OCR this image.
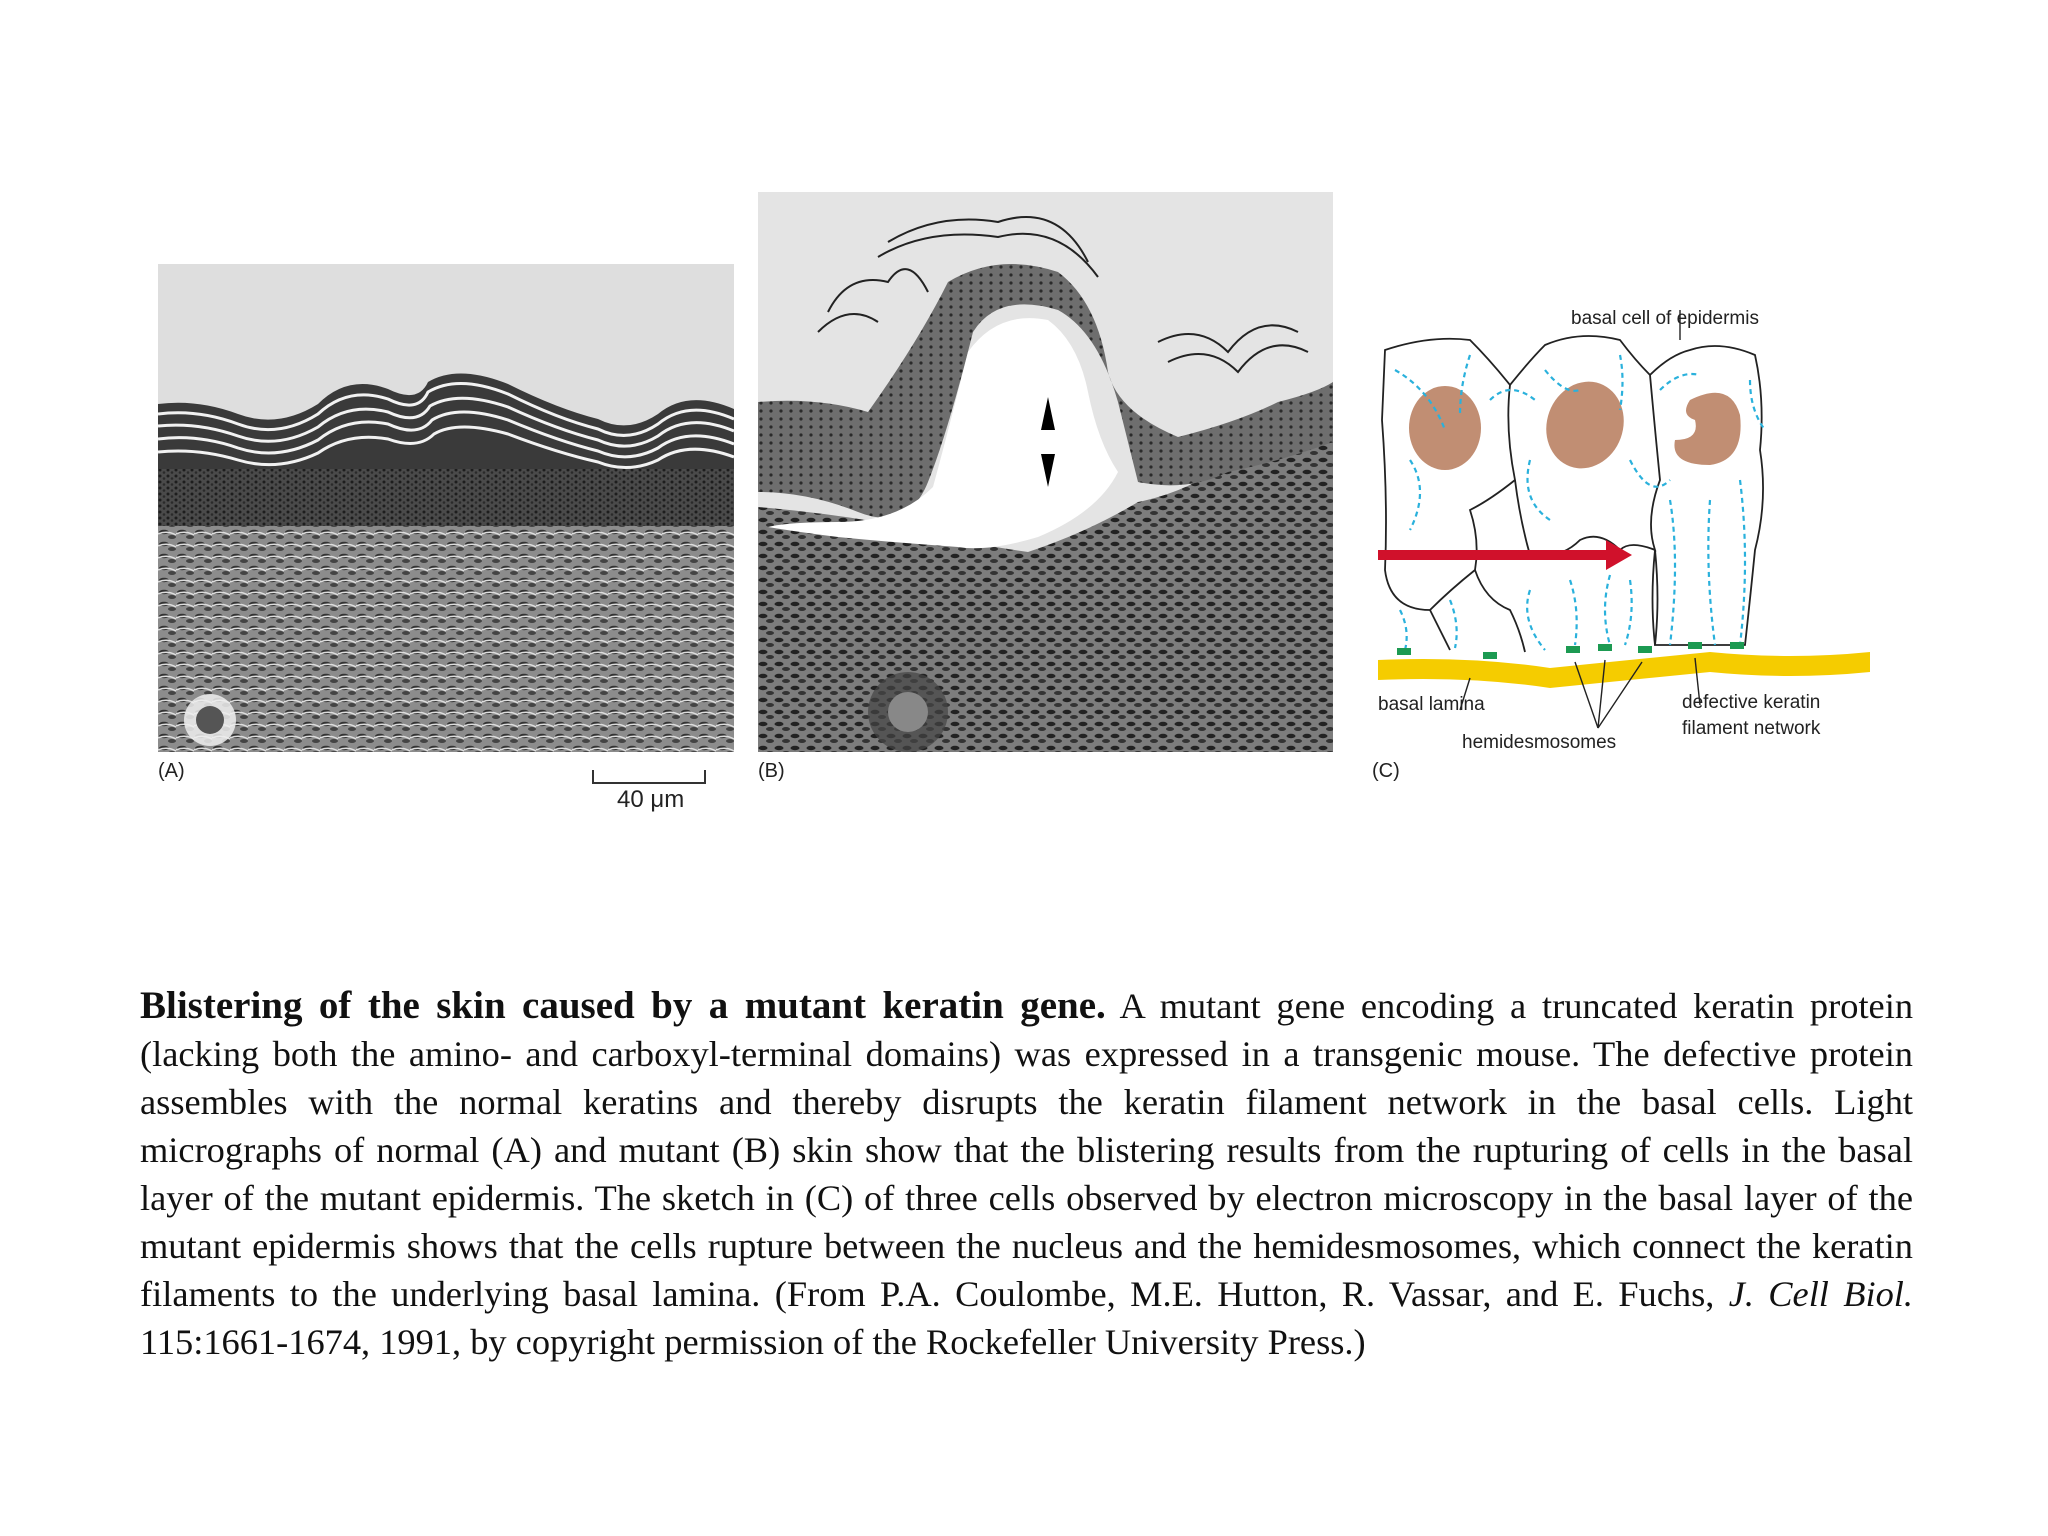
(A)
40 μm
(B)
basal cell of epidermis
basal lamina
hemidesmosomes
defective keratin
filament network
(C)
Blistering of the skin caused by a mutant keratin gene. A mutant gene encoding a truncated keratin protein (lacking both the amino- and carboxyl-terminal domains) was expressed in a transgenic mouse. The defective protein assembles with the normal keratins and thereby disrupts the keratin filament network in the basal cells. Light micrographs of normal (A) and mutant (B) skin show that the blistering results from the rupturing of cells in the basal layer of the mutant epidermis. The sketch in (C) of three cells observed by electron microscopy in the basal layer of the mutant epidermis shows that the cells rupture between the nucleus and the hemidesmosomes, which connect the keratin filaments to the underlying basal lamina. (From P.A. Coulombe, M.E. Hutton, R. Vassar, and E. Fuchs, J. Cell Biol. 115:1661-1674, 1991, by copyright permission of the Rockefeller University Press.)
